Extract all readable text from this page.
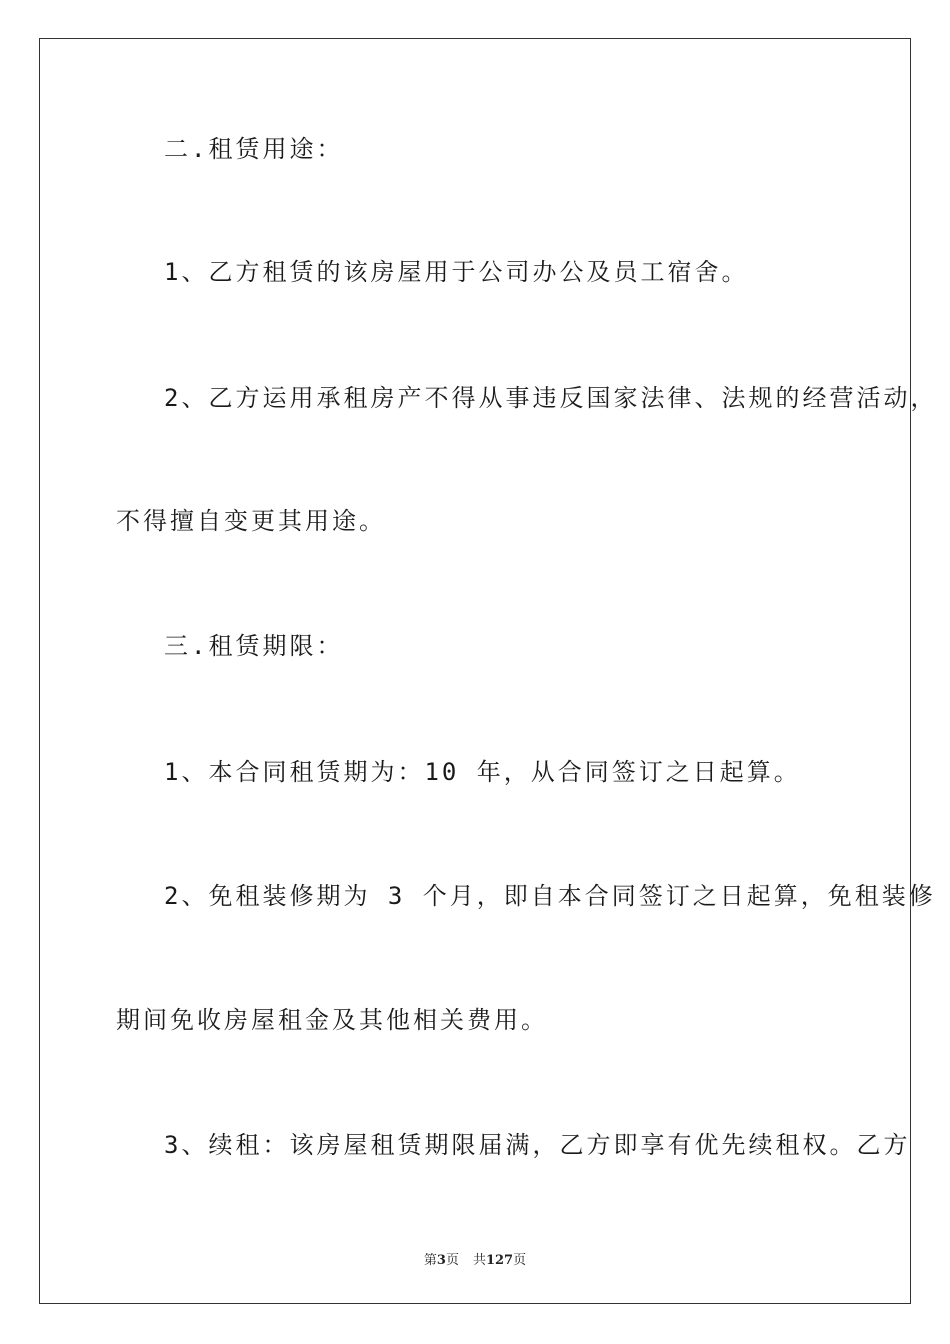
二.租赁用途：
1、乙方租赁的该房屋用于公司办公及员工宿舍。
2、乙方运用承租房产不得从事违反国家法律、法规的经营活动，
不得擅自变更其用途。
三.租赁期限：
1、本合同租赁期为：10 年，从合同签订之日起算。
2、免租装修期为 3 个月，即自本合同签订之日起算，免租装修
期间免收房屋租金及其他相关费用。
3、续租：该房屋租赁期限届满，乙方即享有优先续租权。乙方
第3页 共127页
